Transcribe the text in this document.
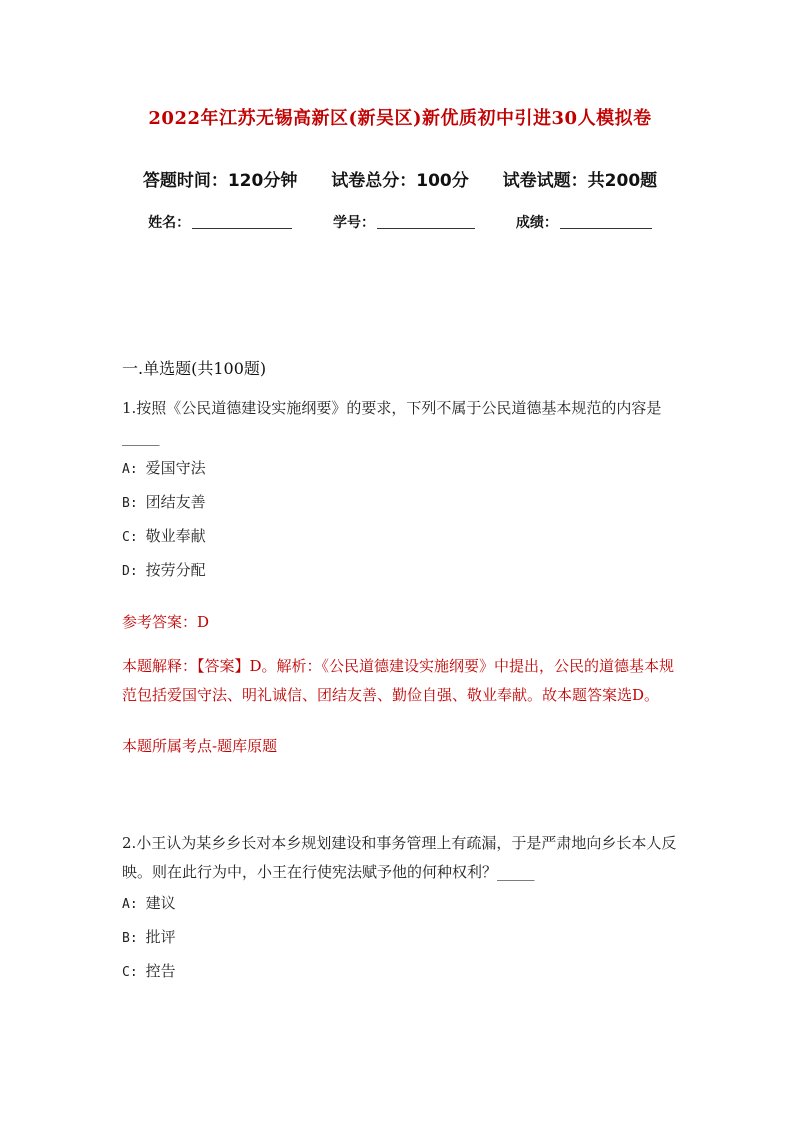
2022年江苏无锡高新区(新吴区)新优质初中引进30人模拟卷
答题时间：120分钟 试卷总分：100分 试卷试题：共200题
姓名：	学号：	成绩：
一.单选题(共100题)

1.按照《公民道德建设实施纲要》的要求，下列不属于公民道德基本规范的内容是_____

A: 爱国守法

B: 团结友善

C: 敬业奉献

D: 按劳分配

参考答案：D

本题解释：【答案】D。解析：《公民道德建设实施纲要》中提出，公民的道德基本规范包括爱国守法、明礼诚信、团结友善、勤俭自强、敬业奉献。故本题答案选D。

本题所属考点-题库原题

2.小王认为某乡乡长对本乡规划建设和事务管理上有疏漏，于是严肃地向乡长本人反映。则在此行为中，小王在行使宪法赋予他的何种权利？_____

A: 建议

B: 批评

C: 控告
